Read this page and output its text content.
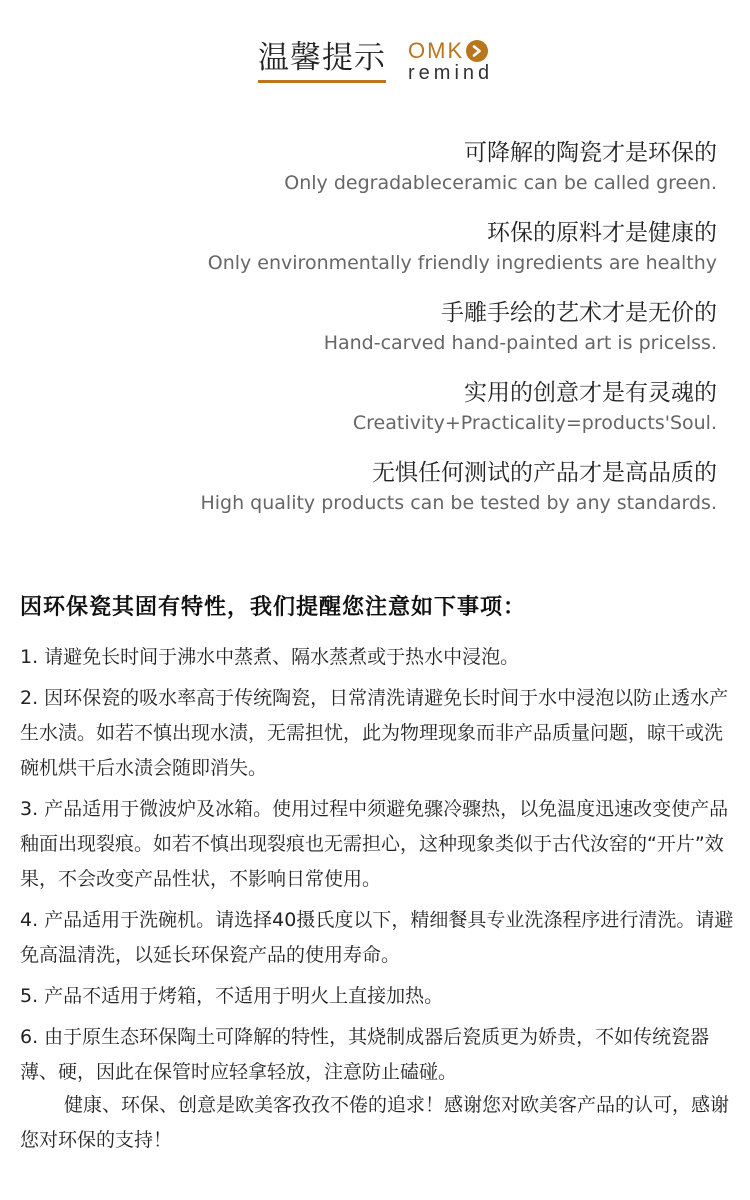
温馨提示 OMK
remind
可降解的陶瓷才是环保的
Only degradableceramic can be called green.
环保的原料才是健康的
Only environmentally friendly ingredients are healthy
手雕手绘的艺术才是无价的
Hand-carved hand-painted art is pricelss.
实用的创意才是有灵魂的
Creativity+Practicality=products'Soul.
无惧任何测试的产品才是高品质的
High quality products can be tested by any standards.
因环保瓷其固有特性，我们提醒您注意如下事项：
1. 请避免长时间于沸水中蒸煮、隔水蒸煮或于热水中浸泡。
2. 因环保瓷的吸水率高于传统陶瓷，日常清洗请避免长时间于水中浸泡以防止透水产生水渍。如若不慎出现水渍，无需担忧，此为物理现象而非产品质量问题，晾干或洗碗机烘干后水渍会随即消失。
3. 产品适用于微波炉及冰箱。使用过程中须避免骤冷骤热，以免温度迅速改变使产品釉面出现裂痕。如若不慎出现裂痕也无需担心，这种现象类似于古代汝窑的“开片”效果，不会改变产品性状，不影响日常使用。
4. 产品适用于洗碗机。请选择40摄氏度以下，精细餐具专业洗涤程序进行清洗。请避免高温清洗，以延长环保瓷产品的使用寿命。
5. 产品不适用于烤箱，不适用于明火上直接加热。
6. 由于原生态环保陶土可降解的特性，其烧制成器后瓷质更为娇贵，不如传统瓷器薄、硬，因此在保管时应轻拿轻放，注意防止磕碰。
健康、环保、创意是欧美客孜孜不倦的追求！感谢您对欧美客产品的认可，感谢您对环保的支持！
